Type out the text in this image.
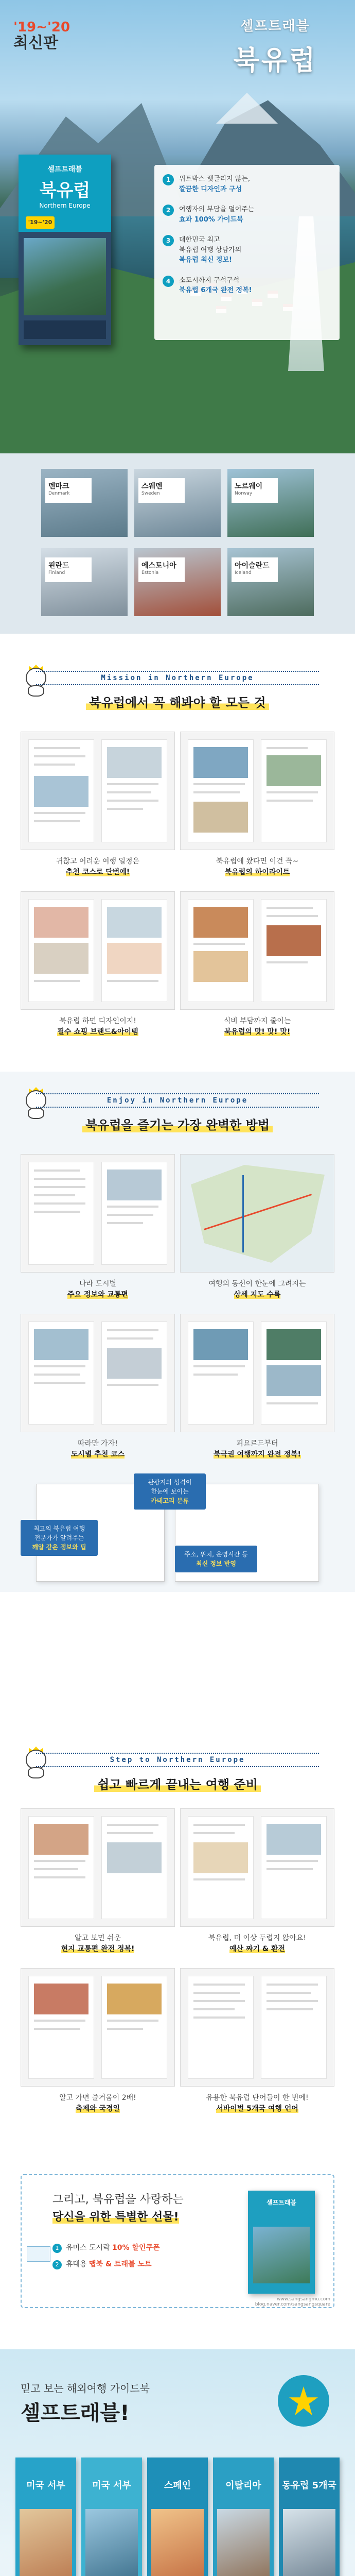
'19~'20
최신판
셀프트래블
북유럽
셀프트래블
북유럽
Northern Europe
'19~'20
1	위트박스 렛글리지 않는,
깔끔한 디자인과 구성
2	여행자의 부담을 덜어주는
효과 100% 가이드북
3	대한민국 최고
북유럽 여행 상담가의
북유럽 최신 정보!
4	소도시까지 구석구석
북유럽 6개국 완전 정복!
덴마크
Denmark
스웨덴
Sweden
노르웨이
Norway
핀란드
Finland
에스토니아
Estonia
아이슬란드
Iceland
Mission in Northern Europe
북유럽에서 꼭 해봐야 할 모든 것
귀찮고 어려운 여행 일정은
추천 코스로 단번에!
북유럽에 왔다면 이건 꼭~
북유럽의 하이라이트
북유럽 하면 디자인이지!
필수 쇼핑 브랜드&아이템
식비 부담까지 줄이는
북유럽의 맛! 맛! 맛!
Enjoy in Northern Europe
북유럽을 즐기는 가장 완벽한 방법
나라 도시별
주요 정보와 교통편
여행의 동선이 한눈에 그려지는
상세 지도 수록
따라만 가자!
도시별 추천 코스
피요르드부터
북극권 여행까지 완전 정복!
관광지의 성격이
한눈에 보이는
카테고리 분류
최고의 북유럽 여행
전문가가 알려주는
깨알 같은 정보와 팁
주소, 위치, 운영시간 등
최신 정보 반영
Step to Northern Europe
쉽고 빠르게 끝내는 여행 준비
알고 보면 쉬운
현지 교통편 완전 정복!
북유럽, 더 이상 두렵지 않아요!
예산 짜기 & 환전
알고 가면 즐거움이 2배!
축제와 국경일
유용한 북유럽 단어들이 한 번에!
서바이벌 5개국 여행 언어
그리고, 북유럽을 사랑하는
당신을 위한 특별한 선물!
1 유미스 도시락 10% 할인쿠폰
2 휴대용 맵북 & 트래블 노트
셀프트래블
www.sangsangmu.com
blog.naver.com/sangsangsquare
믿고 보는 해외여행 가이드북
셀프트래블!
미국 서부	미국 서부	스페인	이탈리아	동유럽 5개국
